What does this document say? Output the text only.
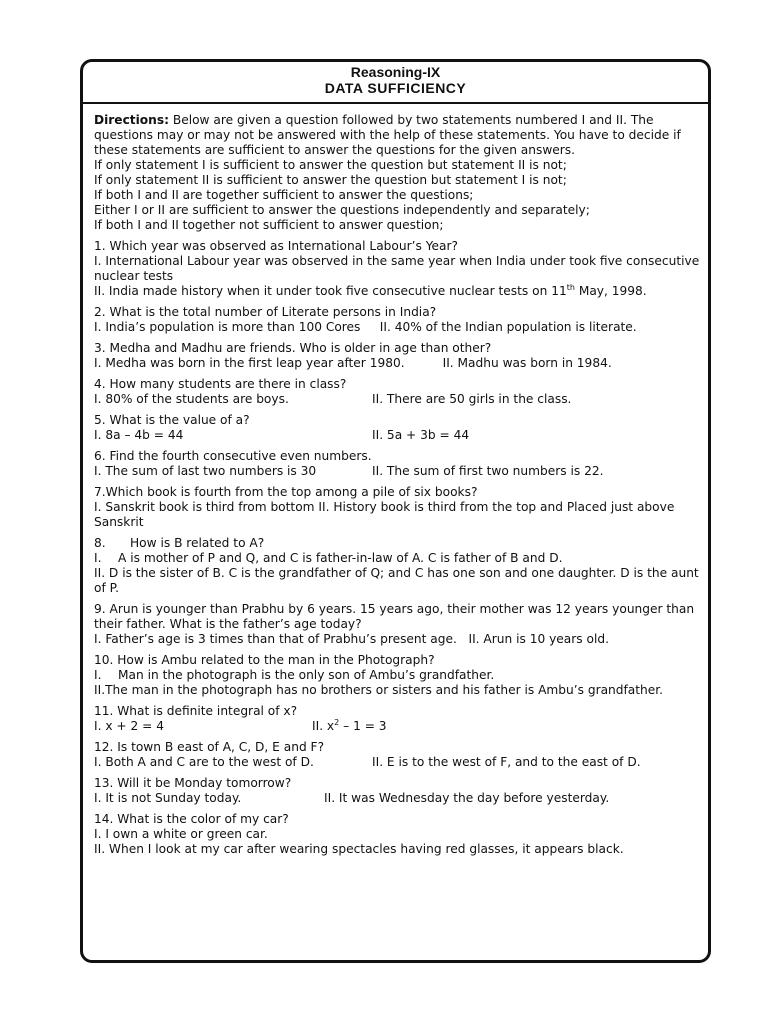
Reasoning-IX
DATA SUFFICIENCY

Directions: Below are given a question followed by two statements numbered I and II. The questions may or may not be answered with the help of these statements. You have to decide if these statements are sufficient to answer the questions for the given answers.

If only statement I is sufficient to answer the question but statement II is not;

If only statement II is sufficient to answer the question but statement I is not;

If both I and II are together sufficient to answer the questions;

Either I or II are sufficient to answer the questions independently and separately;

If both I and II together not sufficient to answer question;

1. Which year was observed as International Labour’s Year?

I. International Labour year was observed in the same year when India under took five consecutive nuclear tests

II. India made history when it under took five consecutive nuclear tests on 11th May, 1998.

2. What is the total number of Literate persons in India?

I. India’s population is more than 100 Cores     II. 40% of the Indian population is literate.

3. Medha and Madhu are friends. Who is older in age than other?

I. Medha was born in the first leap year after 1980.	II. Madhu was born in 1984.

4. How many students are there in class?

I. 80% of the students are boys.	II. There are 50 girls in the class.

5. What is the value of a?

I. 8a – 4b = 44	II. 5a + 3b = 44

6. Find the fourth consecutive even numbers.

I. The sum of last two numbers is 30	II. The sum of first two numbers is 22.

7.Which book is fourth from the top among a pile of six books?

I. Sanskrit book is third from bottom II. History book is third from the top and Placed just above Sanskrit

8. How is B related to A?

I. A is mother of P and Q, and C is father-in-law of A. C is father of B and D.

II. D is the sister of B. C is the grandfather of Q; and C has one son and one daughter. D is the aunt of P.

9. Arun is younger than Prabhu by 6 years. 15 years ago, their mother was 12 years younger than their father. What is the father’s age today?

I. Father’s age is 3 times than that of Prabhu’s present age.   II. Arun is 10 years old.

10. How is Ambu related to the man in the Photograph?

I. Man in the photograph is the only son of Ambu’s grandfather.

II.The man in the photograph has no brothers or sisters and his father is Ambu’s grandfather.

11. What is definite integral of x?

I. x + 2 = 4	II. $x^2 - 1 = 3$

12. Is town B east of A, C, D, E and F?

I. Both A and C are to the west of D.	II. E is to the west of F, and to the east of D.

13. Will it be Monday tomorrow?

I. It is not Sunday today.	II. It was Wednesday the day before yesterday.

14. What is the color of my car?

I. I own a white or green car.

II. When I look at my car after wearing spectacles having red glasses, it appears black.
